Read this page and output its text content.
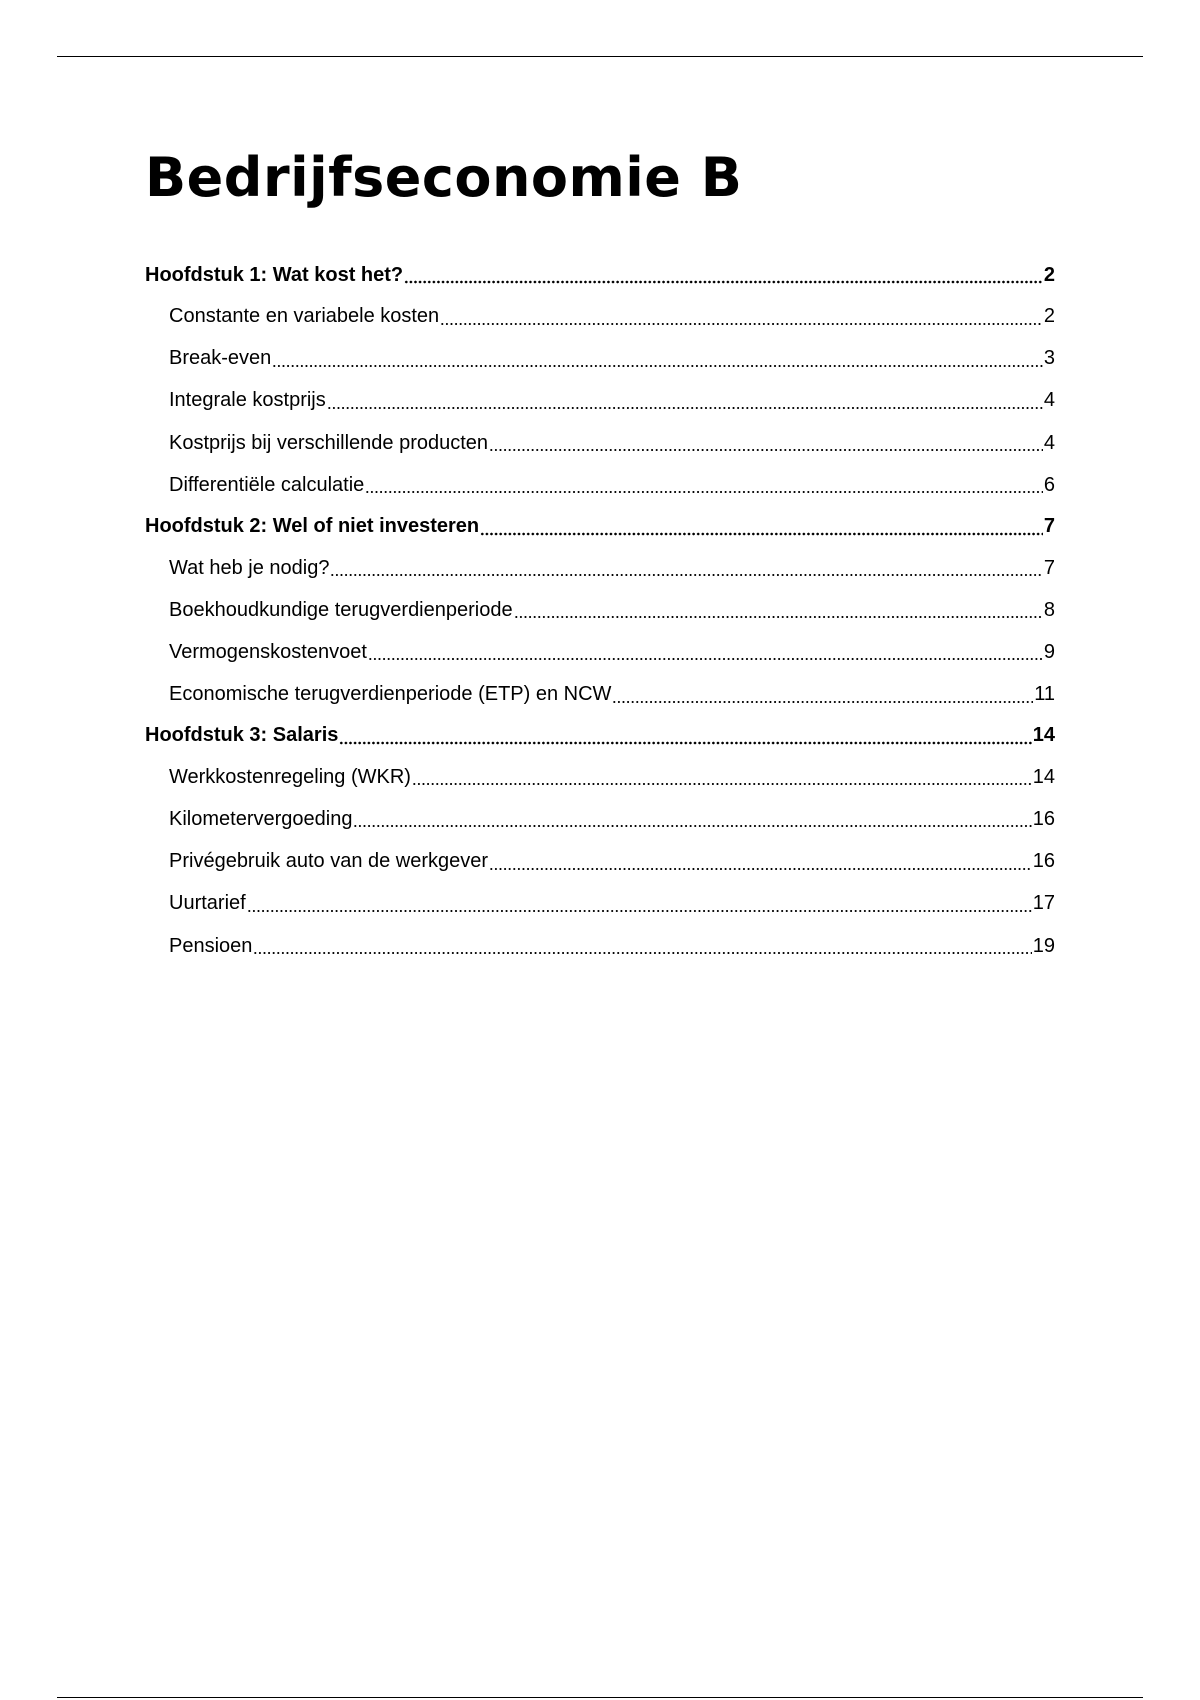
Bedrijfseconomie B
Hoofdstuk 1: Wat kost het?	2
Constante en variabele kosten	2
Break-even	3
Integrale kostprijs	4
Kostprijs bij verschillende producten	4
Differentiële calculatie	6
Hoofdstuk 2: Wel of niet investeren	7
Wat heb je nodig?	7
Boekhoudkundige terugverdienperiode	8
Vermogenskostenvoet	9
Economische terugverdienperiode (ETP) en NCW	11
Hoofdstuk 3: Salaris	14
Werkkostenregeling (WKR)	14
Kilometervergoeding	16
Privégebruik auto van de werkgever	16
Uurtarief	17
Pensioen	19
